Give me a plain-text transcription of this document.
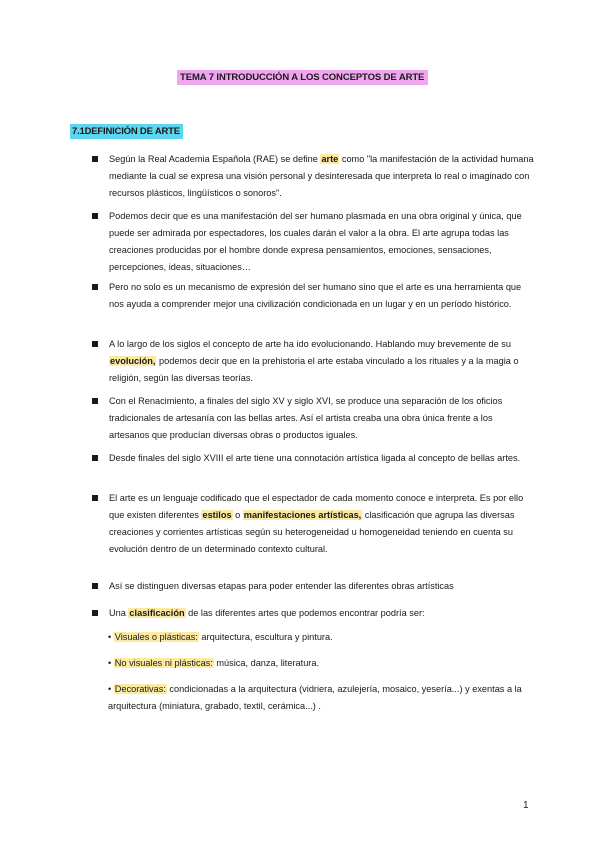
TEMA 7 INTRODUCCIÓN A LOS CONCEPTOS DE ARTE
7.1DEFINICIÓN DE ARTE
Según la Real Academia Española (RAE) se define arte como "la manifestación de la actividad humana mediante la cual se expresa una visión personal y desinteresada que interpreta lo real o imaginado con recursos plásticos, lingüísticos o sonoros".
Podemos decir que es una manifestación del ser humano plasmada en una obra original y única, que puede ser admirada por espectadores, los cuales darán el valor a la obra. El arte agrupa todas las creaciones producidas por el hombre donde expresa pensamientos, emociones, sensaciones, percepciones, ideas, situaciones…
Pero no solo es un mecanismo de expresión del ser humano sino que el arte es una herramienta que nos ayuda a comprender mejor una civilización condicionada en un lugar y en un período histórico.
A lo largo de los siglos el concepto de arte ha ido evolucionando. Hablando muy brevemente de su evolución, podemos decir que en la prehistoria el arte estaba vinculado a los rituales y a la magia o religión, según las diversas teorías.
Con el Renacimiento, a finales del siglo XV y siglo XVI, se produce una separación de los oficios tradicionales de artesanía con las bellas artes. Así el artista creaba una obra única frente a los artesanos que producían diversas obras o productos iguales.
Desde finales del siglo XVIII el arte tiene una connotación artística ligada al concepto de bellas artes.
El arte es un lenguaje codificado que el espectador de cada momento conoce e interpreta. Es por ello que existen diferentes estilos o manifestaciones artísticas, clasificación que agrupa las diversas creaciones y corrientes artísticas según su heterogeneidad u homogeneidad teniendo en cuenta su evolución dentro de un determinado contexto cultural.
Así se distinguen diversas etapas para poder entender las diferentes obras artísticas
Una clasificación de las diferentes artes que podemos encontrar podría ser:
• Visuales o plásticas: arquitectura, escultura y pintura.
• No visuales ni plásticas: música, danza, literatura.
• Decorativas: condicionadas a la arquitectura (vidriera, azulejería, mosaico, yesería...) y exentas a la arquitectura (miniatura, grabado, textil, cerámica...) .
1
